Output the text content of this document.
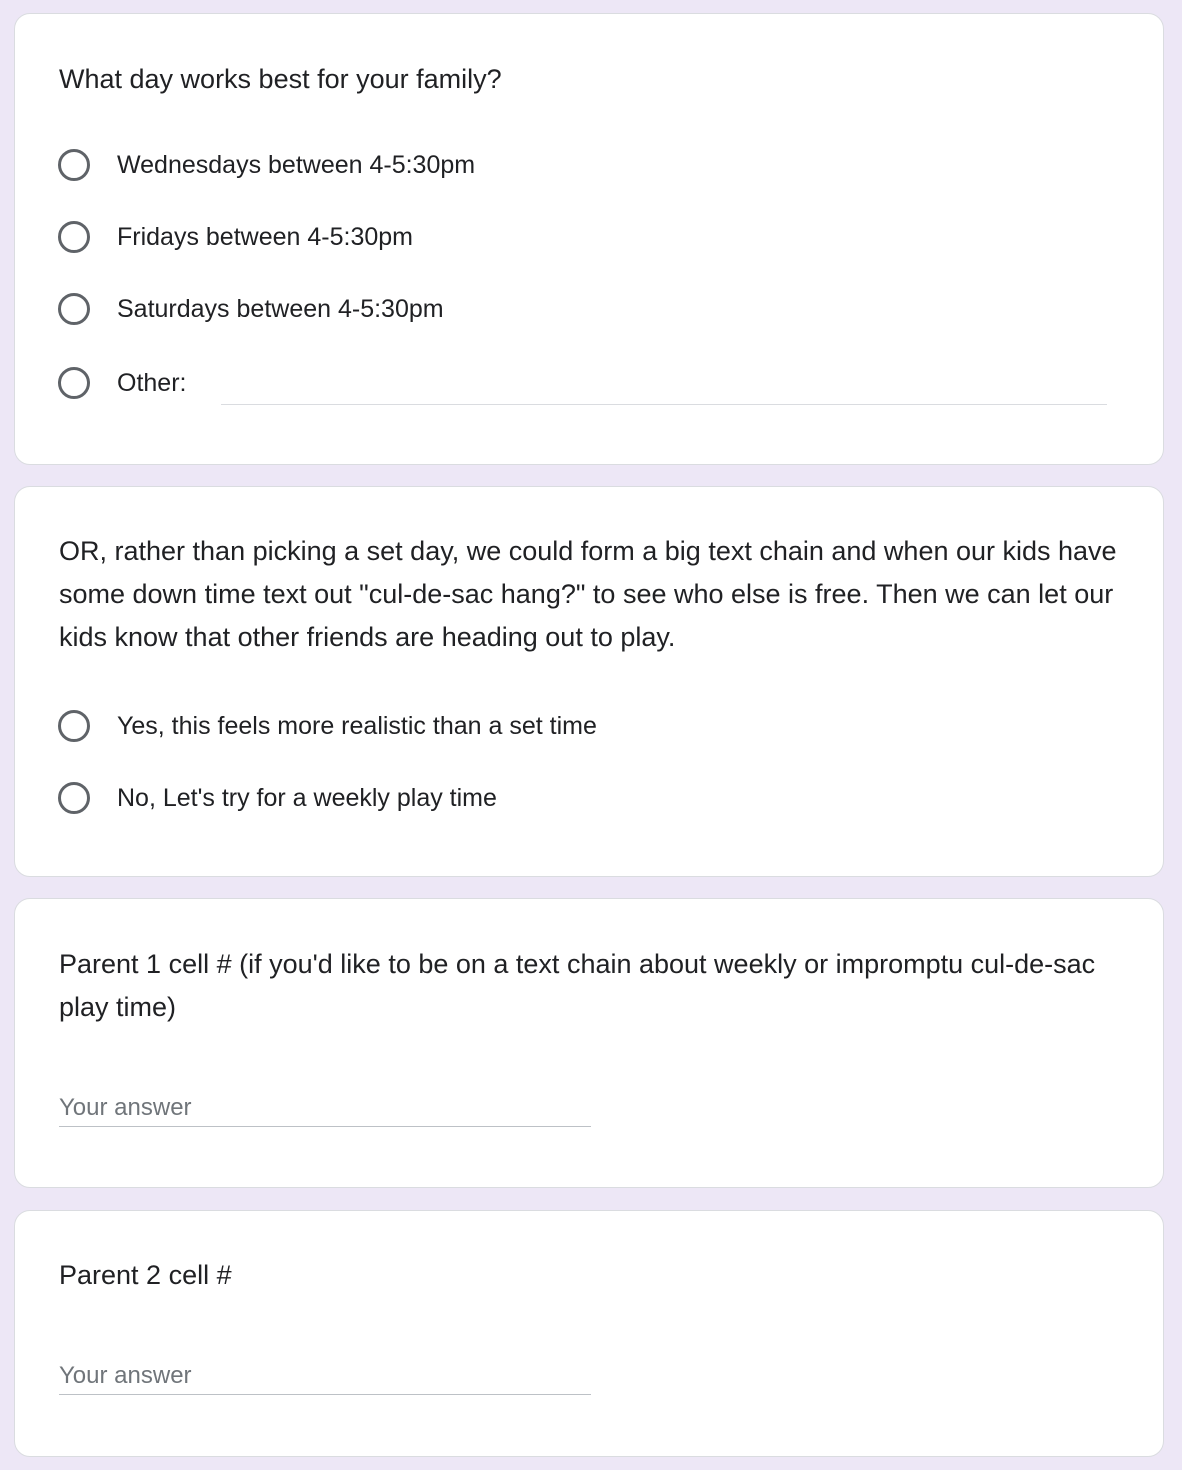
What day works best for your family?

Wednesdays between 4-5:30pm
Fridays between 4-5:30pm
Saturdays between 4-5:30pm
Other:

OR, rather than picking a set day, we could form a big text chain and when our kids have some down time text out "cul-de-sac hang?" to see who else is free. Then we can let our kids know that other friends are heading out to play.

Yes, this feels more realistic than a set time
No, Let's try for a weekly play time

Parent 1 cell # (if you'd like to be on a text chain about weekly or impromptu cul-de-sac play time)

Your answer

Parent 2 cell #

Your answer
